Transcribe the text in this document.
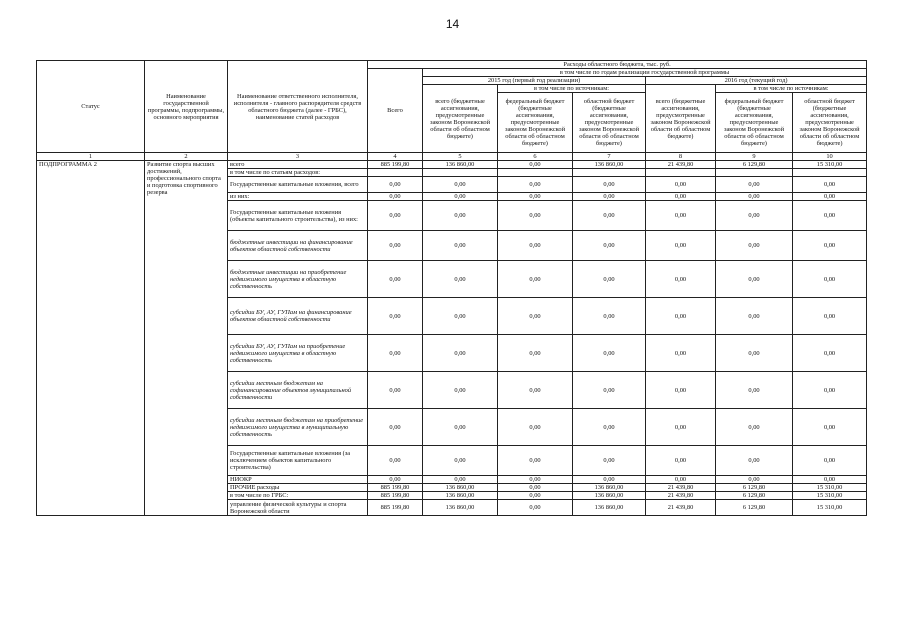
14
Статус	Наименование государственной программы, подпрограммы, основного мероприятия	Наименование ответственного исполнителя, исполнителя - главного распорядителя средств областного бюджета (далее - ГРБС), наименование статей расходов	Расходы областного бюджета, тыс. руб.						
			Всего	в том числе по годам реализации государственной программы					
				2015 год (первый год реализации)			2016 год (текущий год)		
				всего (бюджетные ассигнования, предусмотренные законом Воронежской области об областном бюджете)	в том числе по источникам:		всего (бюджетные ассигнования, предусмотренные законом Воронежской области об областном бюджете)	в том числе по источникам:	
					федеральный бюджет (бюджетные ассигнования, предусмотренные законом Воронежской области об областном бюджете)	областной бюджет (бюджетные ассигнования, предусмотренные законом Воронежской области об областном бюджете)		федеральный бюджет (бюджетные ассигнования, предусмотренные законом Воронежской области об областном бюджете)	областной бюджет (бюджетные ассигнования, предусмотренные законом Воронежской области об областном бюджете)
1	2	3	4	5	6	7	8	9	10
ПОДПРОГРАММА 2	Развитие спорта высших достижений, профессионального спорта и подготовка спортивного резерва	всего	885 199,80	136 860,00	0,00	136 860,00	21 439,80	6 129,80	15 310,00
		в том числе по статьям расходов:							
		Государственные капитальные вложения, всего	0,00	0,00	0,00	0,00	0,00	0,00	0,00
		из них:	0,00	0,00	0,00	0,00	0,00	0,00	0,00
		Государственные капитальные вложения (объекты капитального строительства), из них:	0,00	0,00	0,00	0,00	0,00	0,00	0,00
		бюджетные инвестиции на финансирование объектов областной собственности	0,00	0,00	0,00	0,00	0,00	0,00	0,00
		бюджетные инвестиции на приобретение недвижимого имущества в областную собственность	0,00	0,00	0,00	0,00	0,00	0,00	0,00
		субсидии БУ, АУ, ГУПам на финансирование объектов областной собственности	0,00	0,00	0,00	0,00	0,00	0,00	0,00
		субсидии БУ, АУ, ГУПам на приобретение недвижимого имущества в областную собственность	0,00	0,00	0,00	0,00	0,00	0,00	0,00
		субсидии местным бюджетам на софинансирование объектов муниципальной собственности	0,00	0,00	0,00	0,00	0,00	0,00	0,00
		субсидии местным бюджетам на приобретение недвижимого имущества в муниципальную собственность	0,00	0,00	0,00	0,00	0,00	0,00	0,00
		Государственные капитальные вложения (за исключением объектов капитального строительства)	0,00	0,00	0,00	0,00	0,00	0,00	0,00
		НИОКР	0,00	0,00	0,00	0,00	0,00	0,00	0,00
		ПРОЧИЕ расходы	885 199,80	136 860,00	0,00	136 860,00	21 439,80	6 129,80	15 310,00
		в том числе по ГРБС:	885 199,80	136 860,00	0,00	136 860,00	21 439,80	6 129,80	15 310,00
		управление физической культуры и спорта Воронежской области	885 199,80	136 860,00	0,00	136 860,00	21 439,80	6 129,80	15 310,00
